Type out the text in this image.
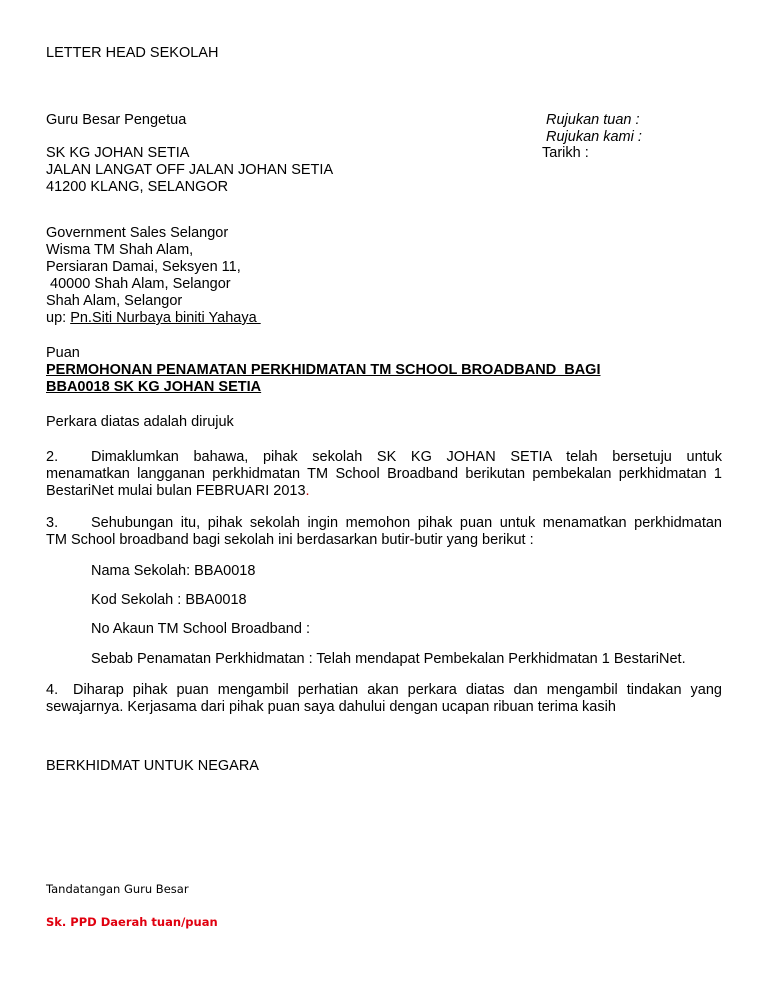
LETTER HEAD SEKOLAH
Guru Besar Pengetua	Rujukan tuan :
Rujukan kami :
Tarikh :
SK KG JOHAN SETIA
JALAN LANGAT OFF JALAN JOHAN SETIA
41200 KLANG, SELANGOR
Government Sales Selangor
Wisma TM Shah Alam,
Persiaran Damai, Seksyen 11,
40000 Shah Alam, Selangor
Shah Alam, Selangor
up: Pn.Siti Nurbaya biniti Yahaya
Puan
PERMOHONAN PENAMATAN PERKHIDMATAN TM SCHOOL BROADBAND  BAGI
BBA0018 SK KG JOHAN SETIA
Perkara diatas adalah dirujuk
2. Dimaklumkan bahawa, pihak sekolah SK KG JOHAN SETIA telah bersetuju untuk
menamatkan langganan perkhidmatan TM School Broadband berikutan pembekalan perkhidmatan 1
BestariNet mulai bulan FEBRUARI 2013.
3. Sehubungan itu, pihak sekolah ingin memohon pihak puan untuk menamatkan perkhidmatan
TM School broadband bagi sekolah ini berdasarkan butir-butir yang berikut :
Nama Sekolah: BBA0018
Kod Sekolah : BBA0018
No Akaun TM School Broadband :
Sebab Penamatan Perkhidmatan : Telah mendapat Pembekalan Perkhidmatan 1 BestariNet.
4. Diharap pihak puan mengambil perhatian akan perkara diatas dan mengambil tindakan yang
sewajarnya. Kerjasama dari pihak puan saya dahului dengan ucapan ribuan terima kasih
BERKHIDMAT UNTUK NEGARA
Tandatangan Guru Besar
Sk. PPD Daerah tuan/puan
